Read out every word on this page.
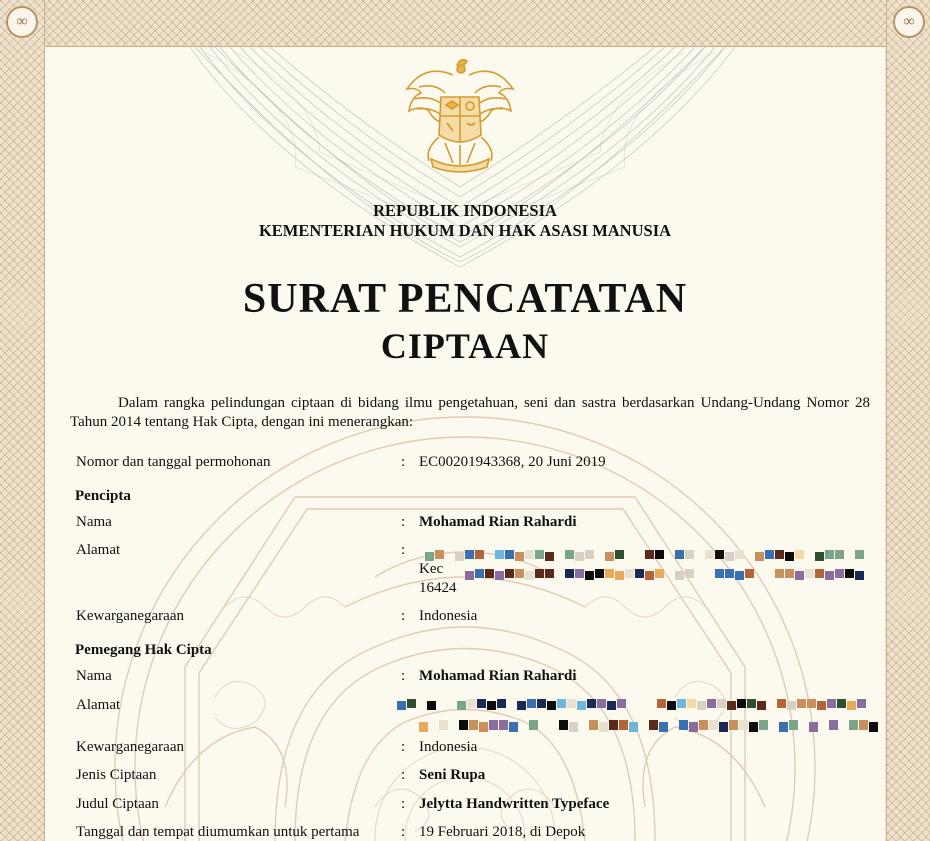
∞	∞
REPUBLIK INDONESIA
KEMENTERIAN HUKUM DAN HAK ASASI MANUSIA
SURAT PENCATATAN
CIPTAAN
Dalam rangka pelindungan ciptaan di bidang ilmu pengetahuan, seni dan sastra berdasarkan Undang-Undang Nomor 28 Tahun 2014 tentang Hak Cipta, dengan ini menerangkan:
Nomor dan tanggal permohonan	: EC00201943368, 20 Juni 2019
Pencipta
Nama	: Mohamad Rian Rahardi
Alamat	:
Kec
16424
Kewarganegaraan	: Indonesia
Pemegang Hak Cipta
Nama	: Mohamad Rian Rahardi
Alamat
Kewarganegaraan	: Indonesia
Jenis Ciptaan	: Seni Rupa
Judul Ciptaan	: Jelytta Handwritten Typeface
Tanggal dan tempat diumumkan untuk pertama	: 19 Februari 2018, di Depok
